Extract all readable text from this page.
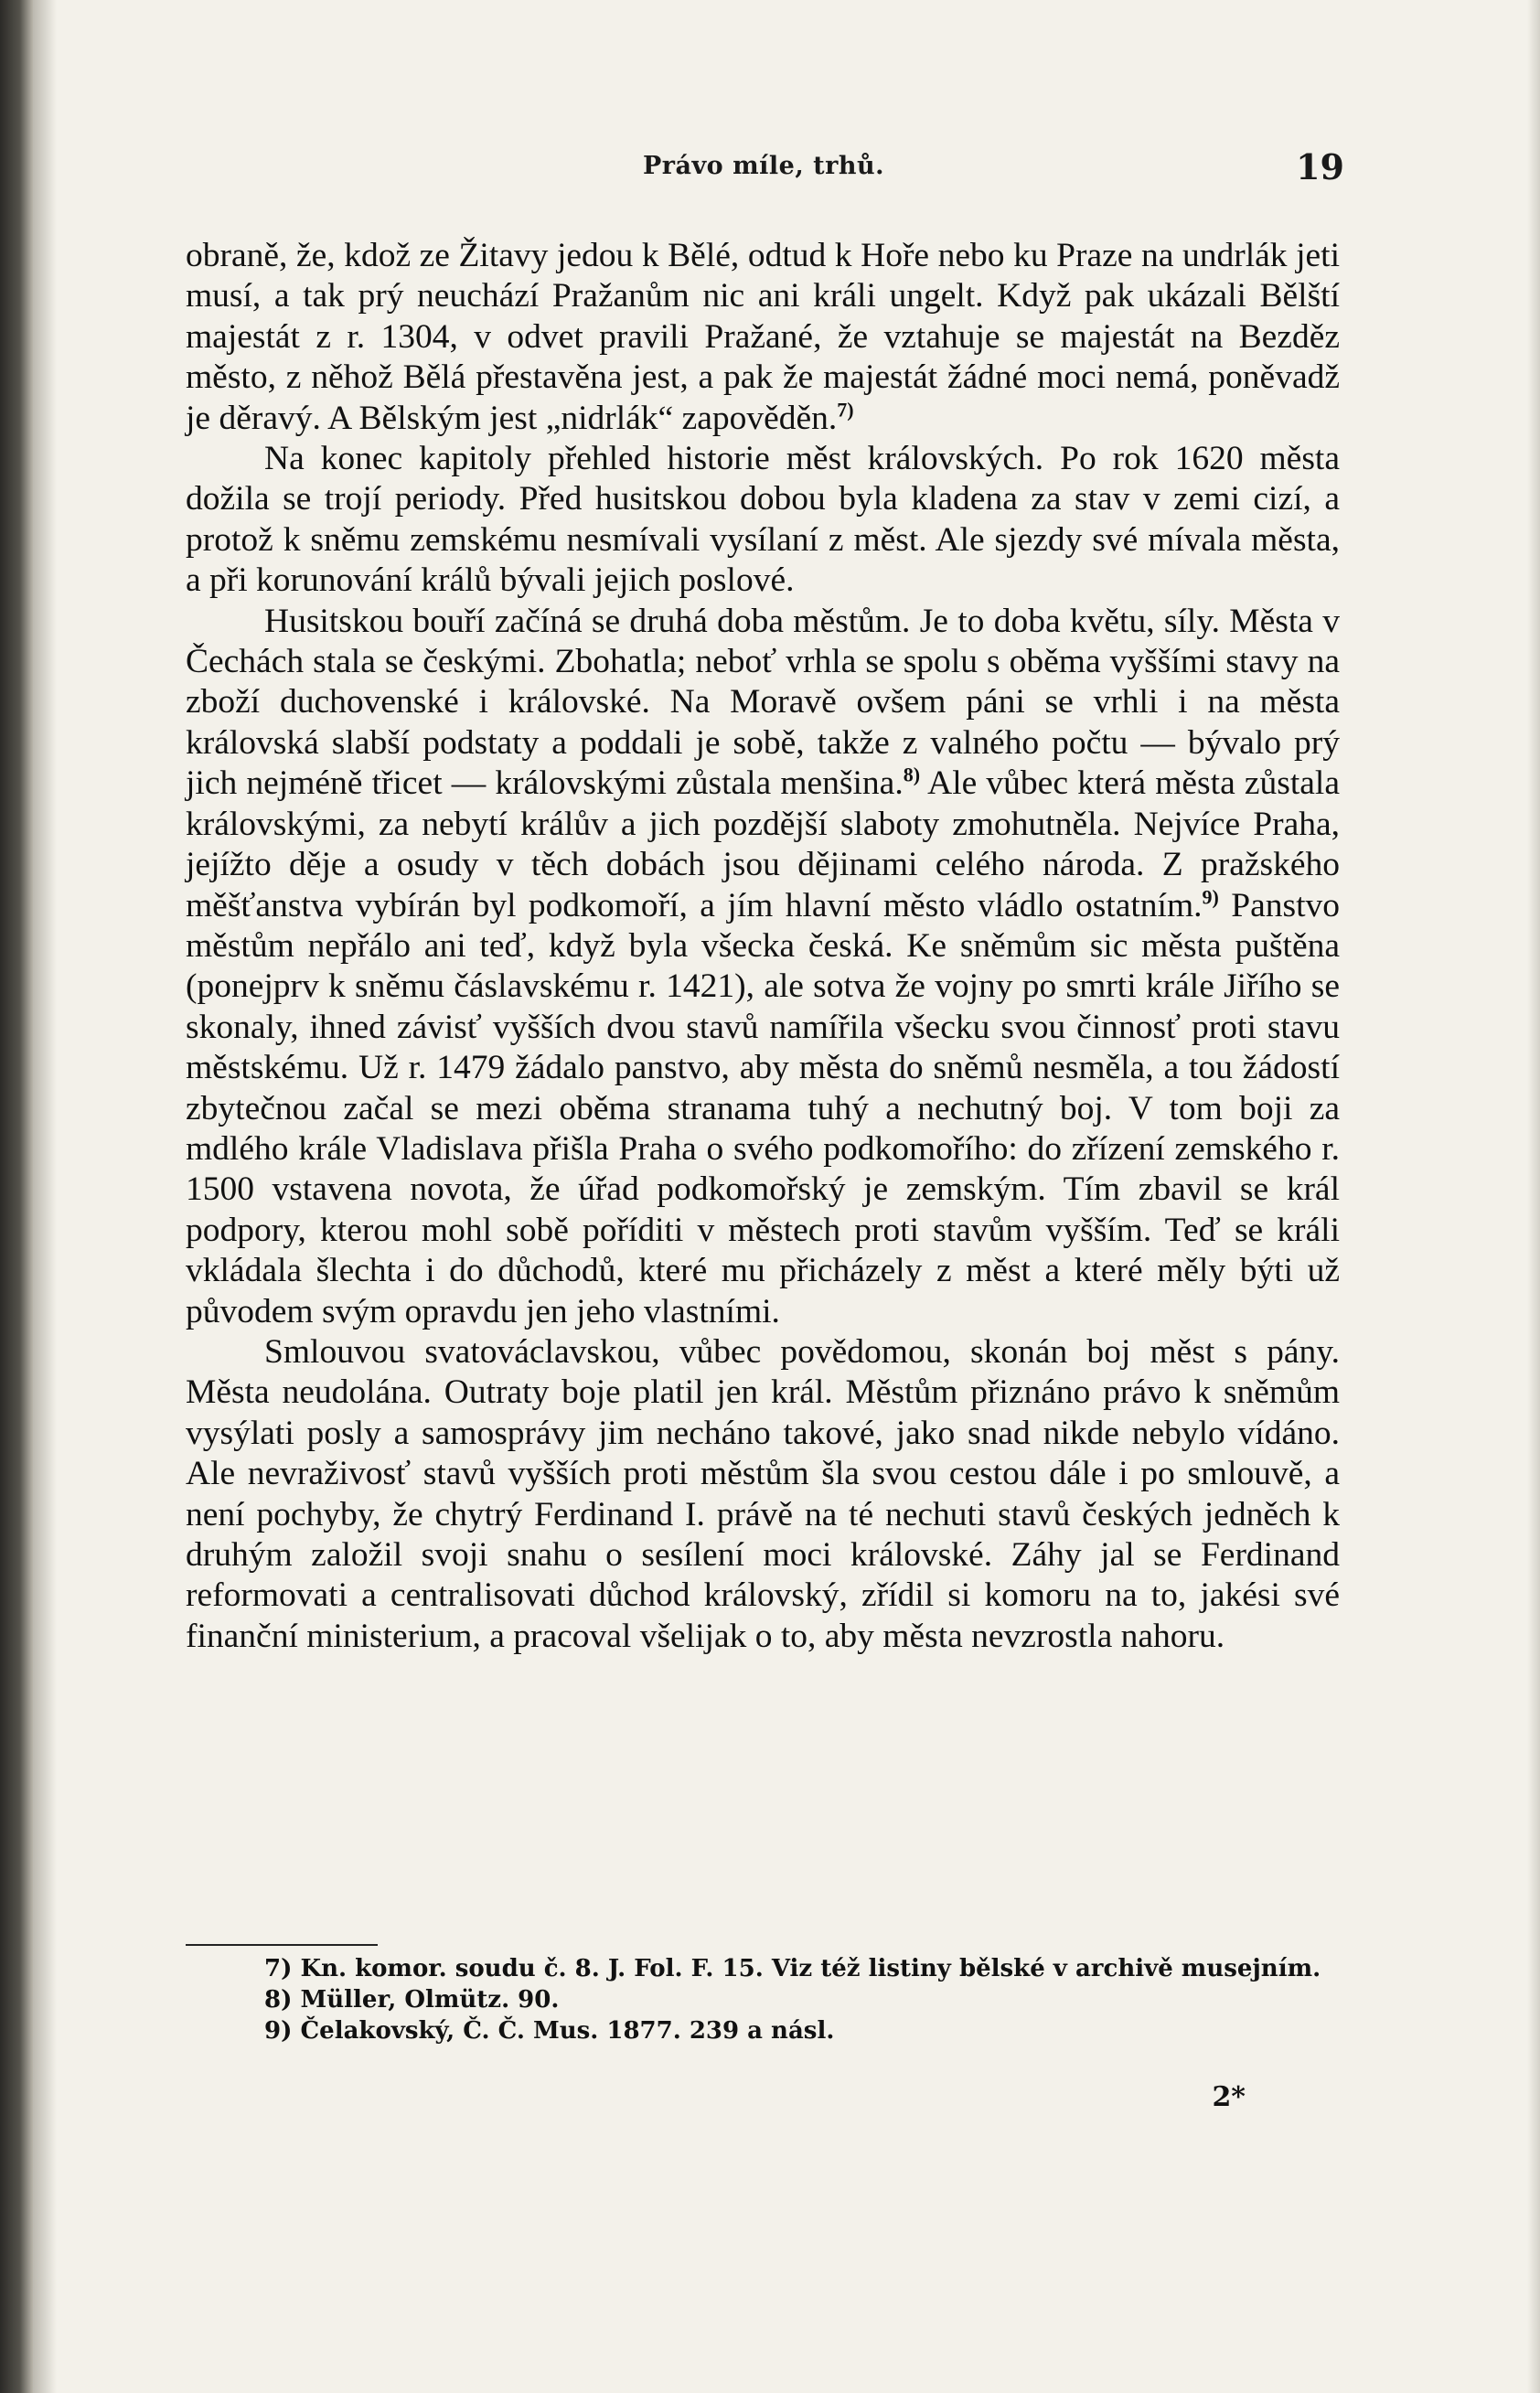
Právo míle, trhů.	19

obraně, že, kdož ze Žitavy jedou k Bělé, odtud k Hoře nebo ku Praze na undrlák jeti musí, a tak prý neuchází Pražanům nic ani králi ungelt. Když pak ukázali Bělští majestát z r. 1304, v odvet pravili Pražané, že vztahuje se majestát na Bezděz město, z něhož Bělá přestavěna jest, a pak že majestát žádné moci nemá, poněvadž je děravý. A Bělským jest „nidrlák“ zapověděn.$^{7)}$

Na konec kapitoly přehled historie měst královských. Po rok 1620 města dožila se trojí periody. Před husitskou dobou byla kladena za stav v zemi cizí, a protož k sněmu zemskému nesmívali vysílaní z měst. Ale sjezdy své mívala města, a při korunování králů bývali jejich poslové.

Husitskou bouří začíná se druhá doba městům. Je to doba květu, síly. Města v Čechách stala se českými. Zbohatla; neboť vrhla se spolu s oběma vyššími stavy na zboží duchovenské i královské. Na Moravě ovšem páni se vrhli i na města královská slabší podstaty a poddali je sobě, takže z valného počtu — bývalo prý jich nejméně třicet — královskými zůstala menšina.$^{8)}$ Ale vůbec která města zůstala královskými, za nebytí králův a jich pozdější slaboty zmohutněla. Nejvíce Praha, jejížto děje a osudy v těch dobách jsou dějinami celého národa. Z pražského měšťanstva vybírán byl podkomoří, a jím hlavní město vládlo ostatním.$^{9)}$ Panstvo městům nepřálo ani teď, když byla všecka česká. Ke sněmům sic města puštěna (ponejprv k sněmu čáslavskému r. 1421), ale sotva že vojny po smrti krále Jiřího se skonaly, ihned závisť vyšších dvou stavů namířila všecku svou činnosť proti stavu městskému. Už r. 1479 žádalo panstvo, aby města do sněmů nesměla, a tou žádostí zbytečnou začal se mezi oběma stranama tuhý a nechutný boj. V tom boji za mdlého krále Vladislava přišla Praha o svého podkomořího: do zřízení zemského r. 1500 vstavena novota, že úřad podkomořský je zemským. Tím zbavil se král podpory, kterou mohl sobě poříditi v městech proti stavům vyšším. Teď se králi vkládala šlechta i do důchodů, které mu přicházely z měst a které měly býti už původem svým opravdu jen jeho vlastními.

Smlouvou svatováclavskou, vůbec povědomou, skonán boj měst s pány. Města neudolána. Outraty boje platil jen král. Městům přiznáno právo k sněmům vysýlati posly a samosprávy jim necháno takové, jako snad nikde nebylo vídáno. Ale nevraživosť stavů vyšších proti městům šla svou cestou dále i po smlouvě, a není pochyby, že chytrý Ferdinand I. právě na té nechuti stavů českých jedněch k druhým založil svoji snahu o sesílení moci královské. Záhy jal se Ferdinand reformovati a centralisovati důchod královský, zřídil si komoru na to, jakési své finanční ministerium, a pracoval všelijak o to, aby města nevzrostla nahoru.

7) Kn. komor. soudu č. 8. J. Fol. F. 15. Viz též listiny bělské v archivě musejním.

8) Müller, Olmütz. 90.

9) Čelakovský, Č. Č. Mus. 1877. 239 a násl.

2*
